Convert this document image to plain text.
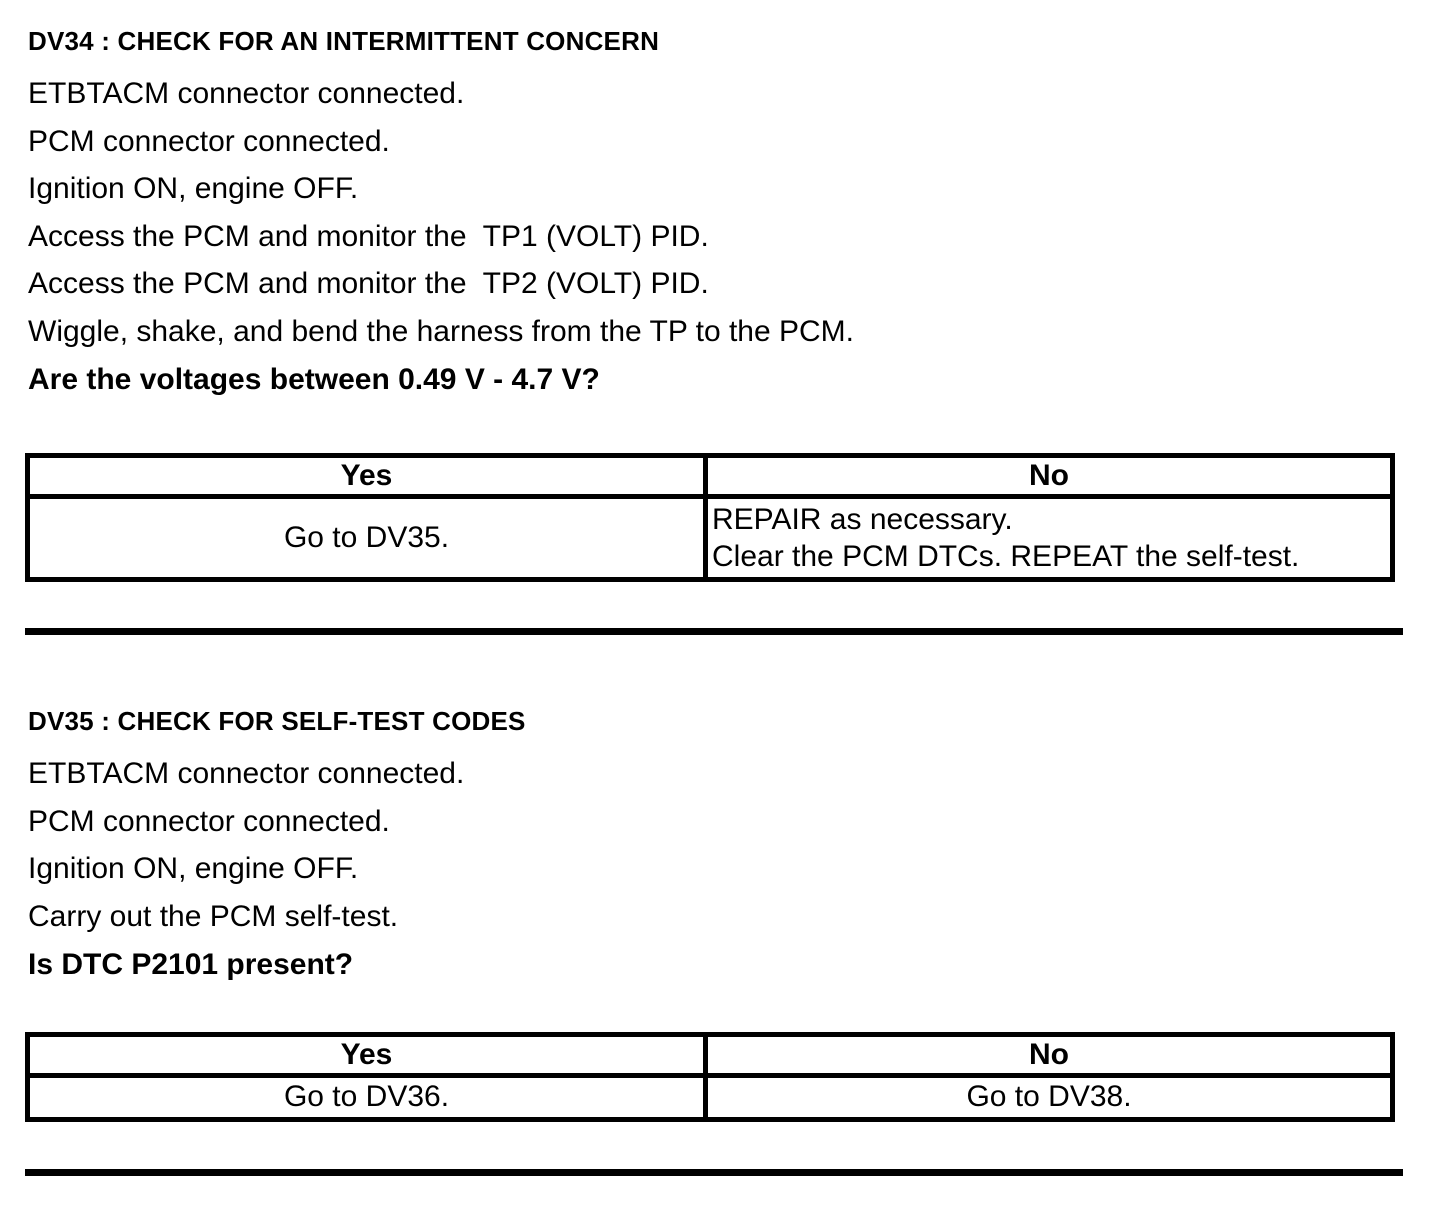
DV34 : CHECK FOR AN INTERMITTENT CONCERN
ETBTACM connector connected.
PCM connector connected.
Ignition ON, engine OFF.
Access the PCM and monitor the  TP1 (VOLT) PID.
Access the PCM and monitor the  TP2 (VOLT) PID.
Wiggle, shake, and bend the harness from the TP to the PCM.
Are the voltages between 0.49 V - 4.7 V?
Yes	No

Go to DV35.	REPAIR as necessary.
Clear the PCM DTCs. REPEAT the self-test.
DV35 : CHECK FOR SELF-TEST CODES
ETBTACM connector connected.
PCM connector connected.
Ignition ON, engine OFF.
Carry out the PCM self-test.
Is DTC P2101 present?
Yes	No

Go to DV36.	Go to DV38.
